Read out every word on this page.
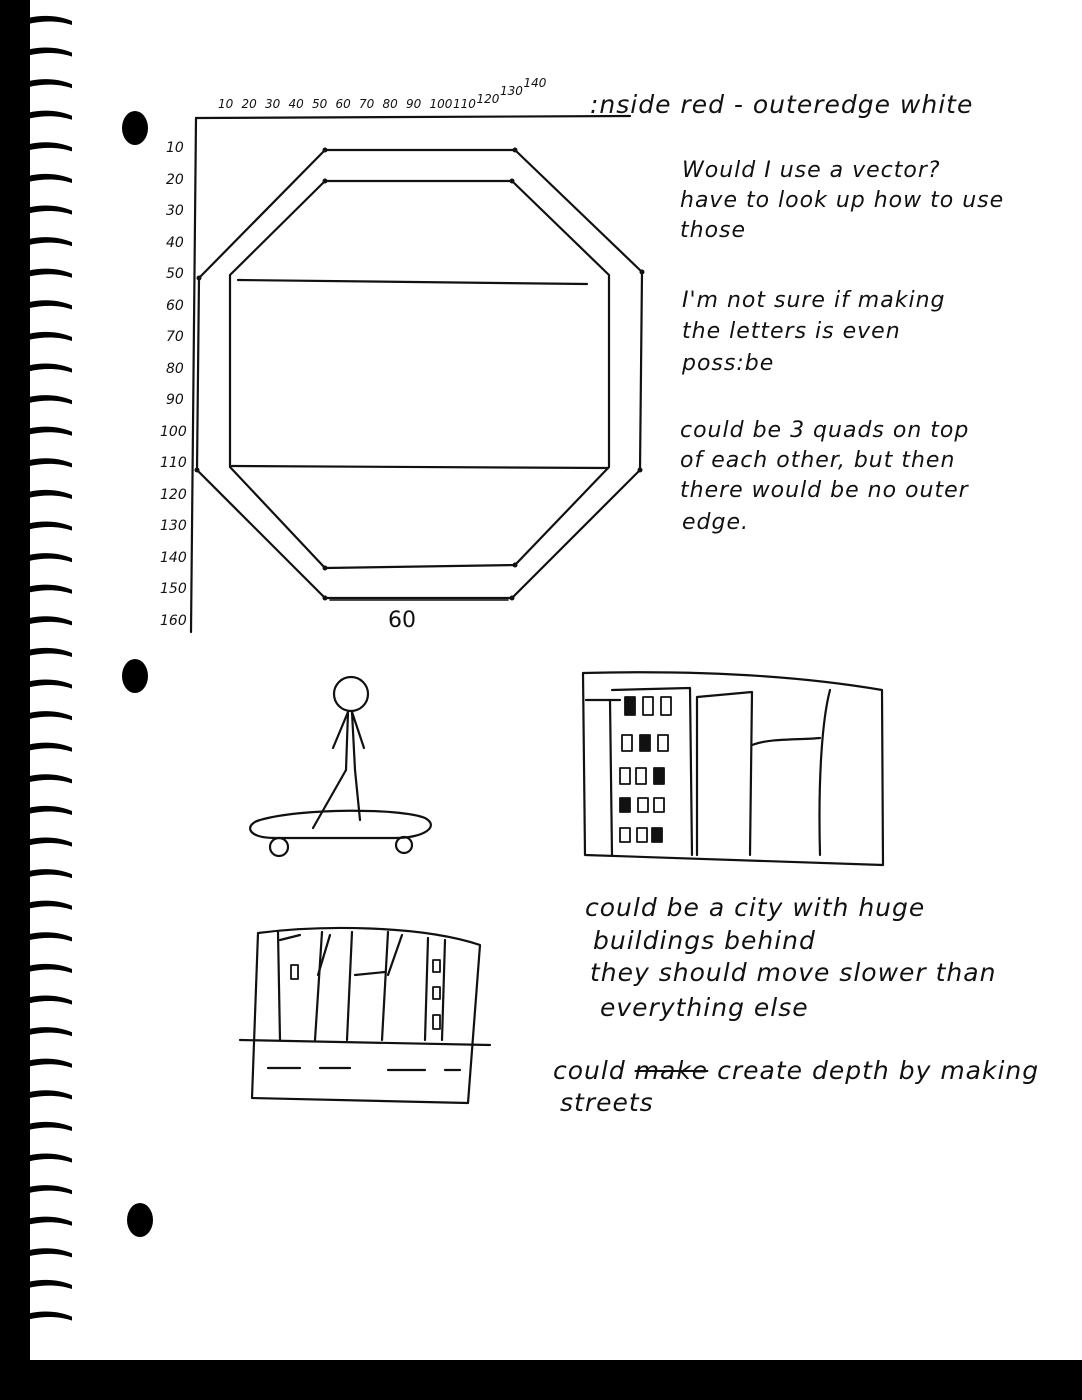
10 20 30 40 50 60 70 80 90 100 110 120
130
140
10
20
30
40
50
60
70
80
90
100
110
120
130
140
150
160	60
:nside red - outeredge white
Would I use a vector?
have to look up how to use
those
I'm not sure if making
the letters is even
poss:be
could be 3 quads on top
of each other, but then
there would be no outer
edge.
could be a city with huge
buildings behind
they should move slower than
everything else
could make create depth by making
streets
